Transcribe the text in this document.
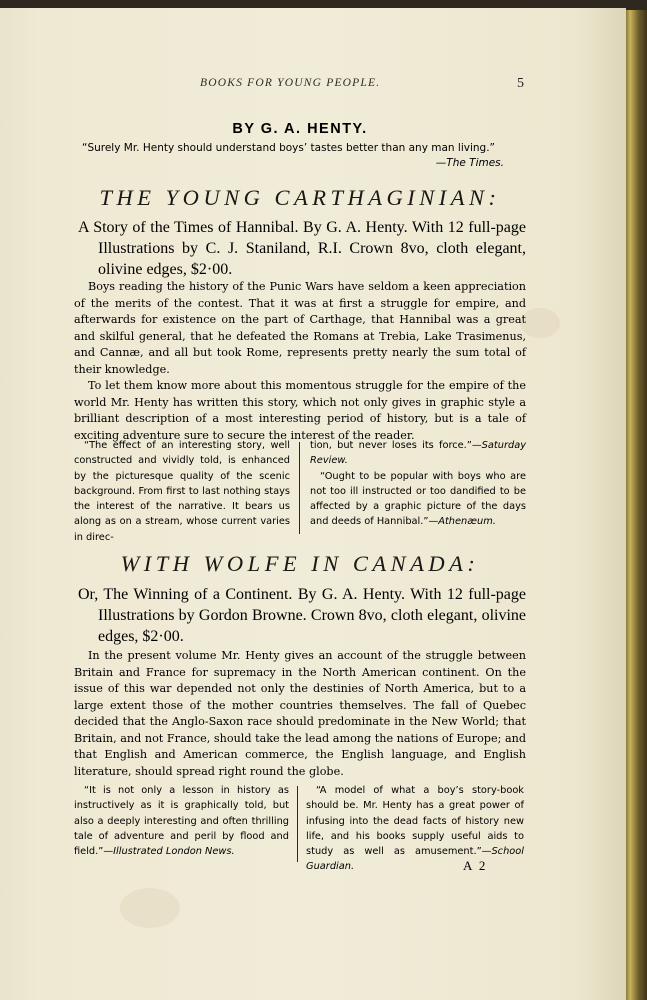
BOOKS FOR YOUNG PEOPLE.	5
BY G. A. HENTY.
“Surely Mr. Henty should understand boys’ tastes better than any man living.”
—The Times.
THE YOUNG CARTHAGINIAN:
A Story of the Times of Hannibal. By G. A. Henty. With 12 full-page Illustrations by C. J. Staniland, R.I. Crown 8vo, cloth elegant, olivine edges, $2·00.

Boys reading the history of the Punic Wars have seldom a keen appreciation of the merits of the contest. That it was at first a struggle for empire, and afterwards for existence on the part of Carthage, that Hannibal was a great and skilful general, that he defeated the Romans at Trebia, Lake Trasimenus, and Cannæ, and all but took Rome, represents pretty nearly the sum total of their knowledge.

To let them know more about this momentous struggle for the empire of the world Mr. Henty has written this story, which not only gives in graphic style a brilliant description of a most interesting period of history, but is a tale of exciting adventure sure to secure the interest of the reader.

“The effect of an interesting story, well constructed and vividly told, is enhanced by the picturesque quality of the scenic background. From first to last nothing stays the interest of the narrative. It bears us along as on a stream, whose current varies in direc-

tion, but never loses its force.”—Saturday Review.

“Ought to be popular with boys who are not too ill instructed or too dandified to be affected by a graphic picture of the days and deeds of Hannibal.”—Athenæum.

WITH WOLFE IN CANADA:
Or, The Winning of a Continent. By G. A. Henty. With 12 full-page Illustrations by Gordon Browne. Crown 8vo, cloth elegant, olivine edges, $2·00.

In the present volume Mr. Henty gives an account of the struggle between Britain and France for supremacy in the North American continent. On the issue of this war depended not only the destinies of North America, but to a large extent those of the mother countries themselves. The fall of Quebec decided that the Anglo-Saxon race should predominate in the New World; that Britain, and not France, should take the lead among the nations of Europe; and that English and American commerce, the English language, and English literature, should spread right round the globe.

“It is not only a lesson in history as instructively as it is graphically told, but also a deeply interesting and often thrilling tale of adventure and peril by flood and field.”—Illustrated London News.

“A model of what a boy’s story-book should be. Mr. Henty has a great power of infusing into the dead facts of history new life, and his books supply useful aids to study as well as amusement.”—School Guardian.	A 2
